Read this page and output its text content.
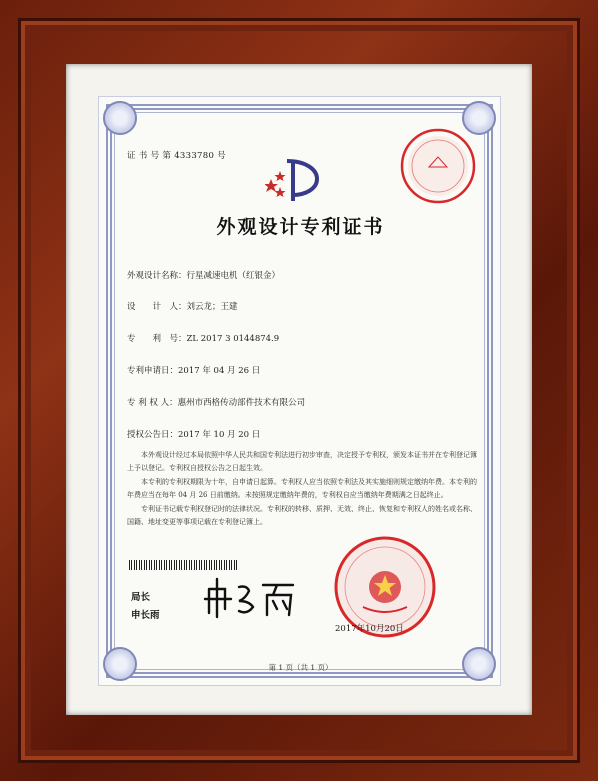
证 书 号 第 4333780 号
外观设计专利证书
外观设计名称：行星减速电机（红银金）
设　　计　人：刘云龙；王建
专　　利　号：ZL 2017 3 0144874.9
专利申请日：2017 年 04 月 26 日
专 利 权 人：惠州市西格传动部件技术有限公司
授权公告日：2017 年 10 月 20 日

本外观设计经过本局依照中华人民共和国专利法进行初步审查，决定授予专利权，颁发本证书并在专利登记簿上予以登记。专利权自授权公告之日起生效。

本专利的专利权期限为十年，自申请日起算。专利权人应当依照专利法及其实施细则规定缴纳年费。本专利的年费应当在每年 04 月 26 日前缴纳。未按照规定缴纳年费的，专利权自应当缴纳年费期满之日起终止。

专利证书记载专利权登记时的法律状况。专利权的转移、质押、无效、终止、恢复和专利权人的姓名或名称、国籍、地址变更等事项记载在专利登记簿上。

局长
申长雨
2017年10月20日
第 1 页（共 1 页）
